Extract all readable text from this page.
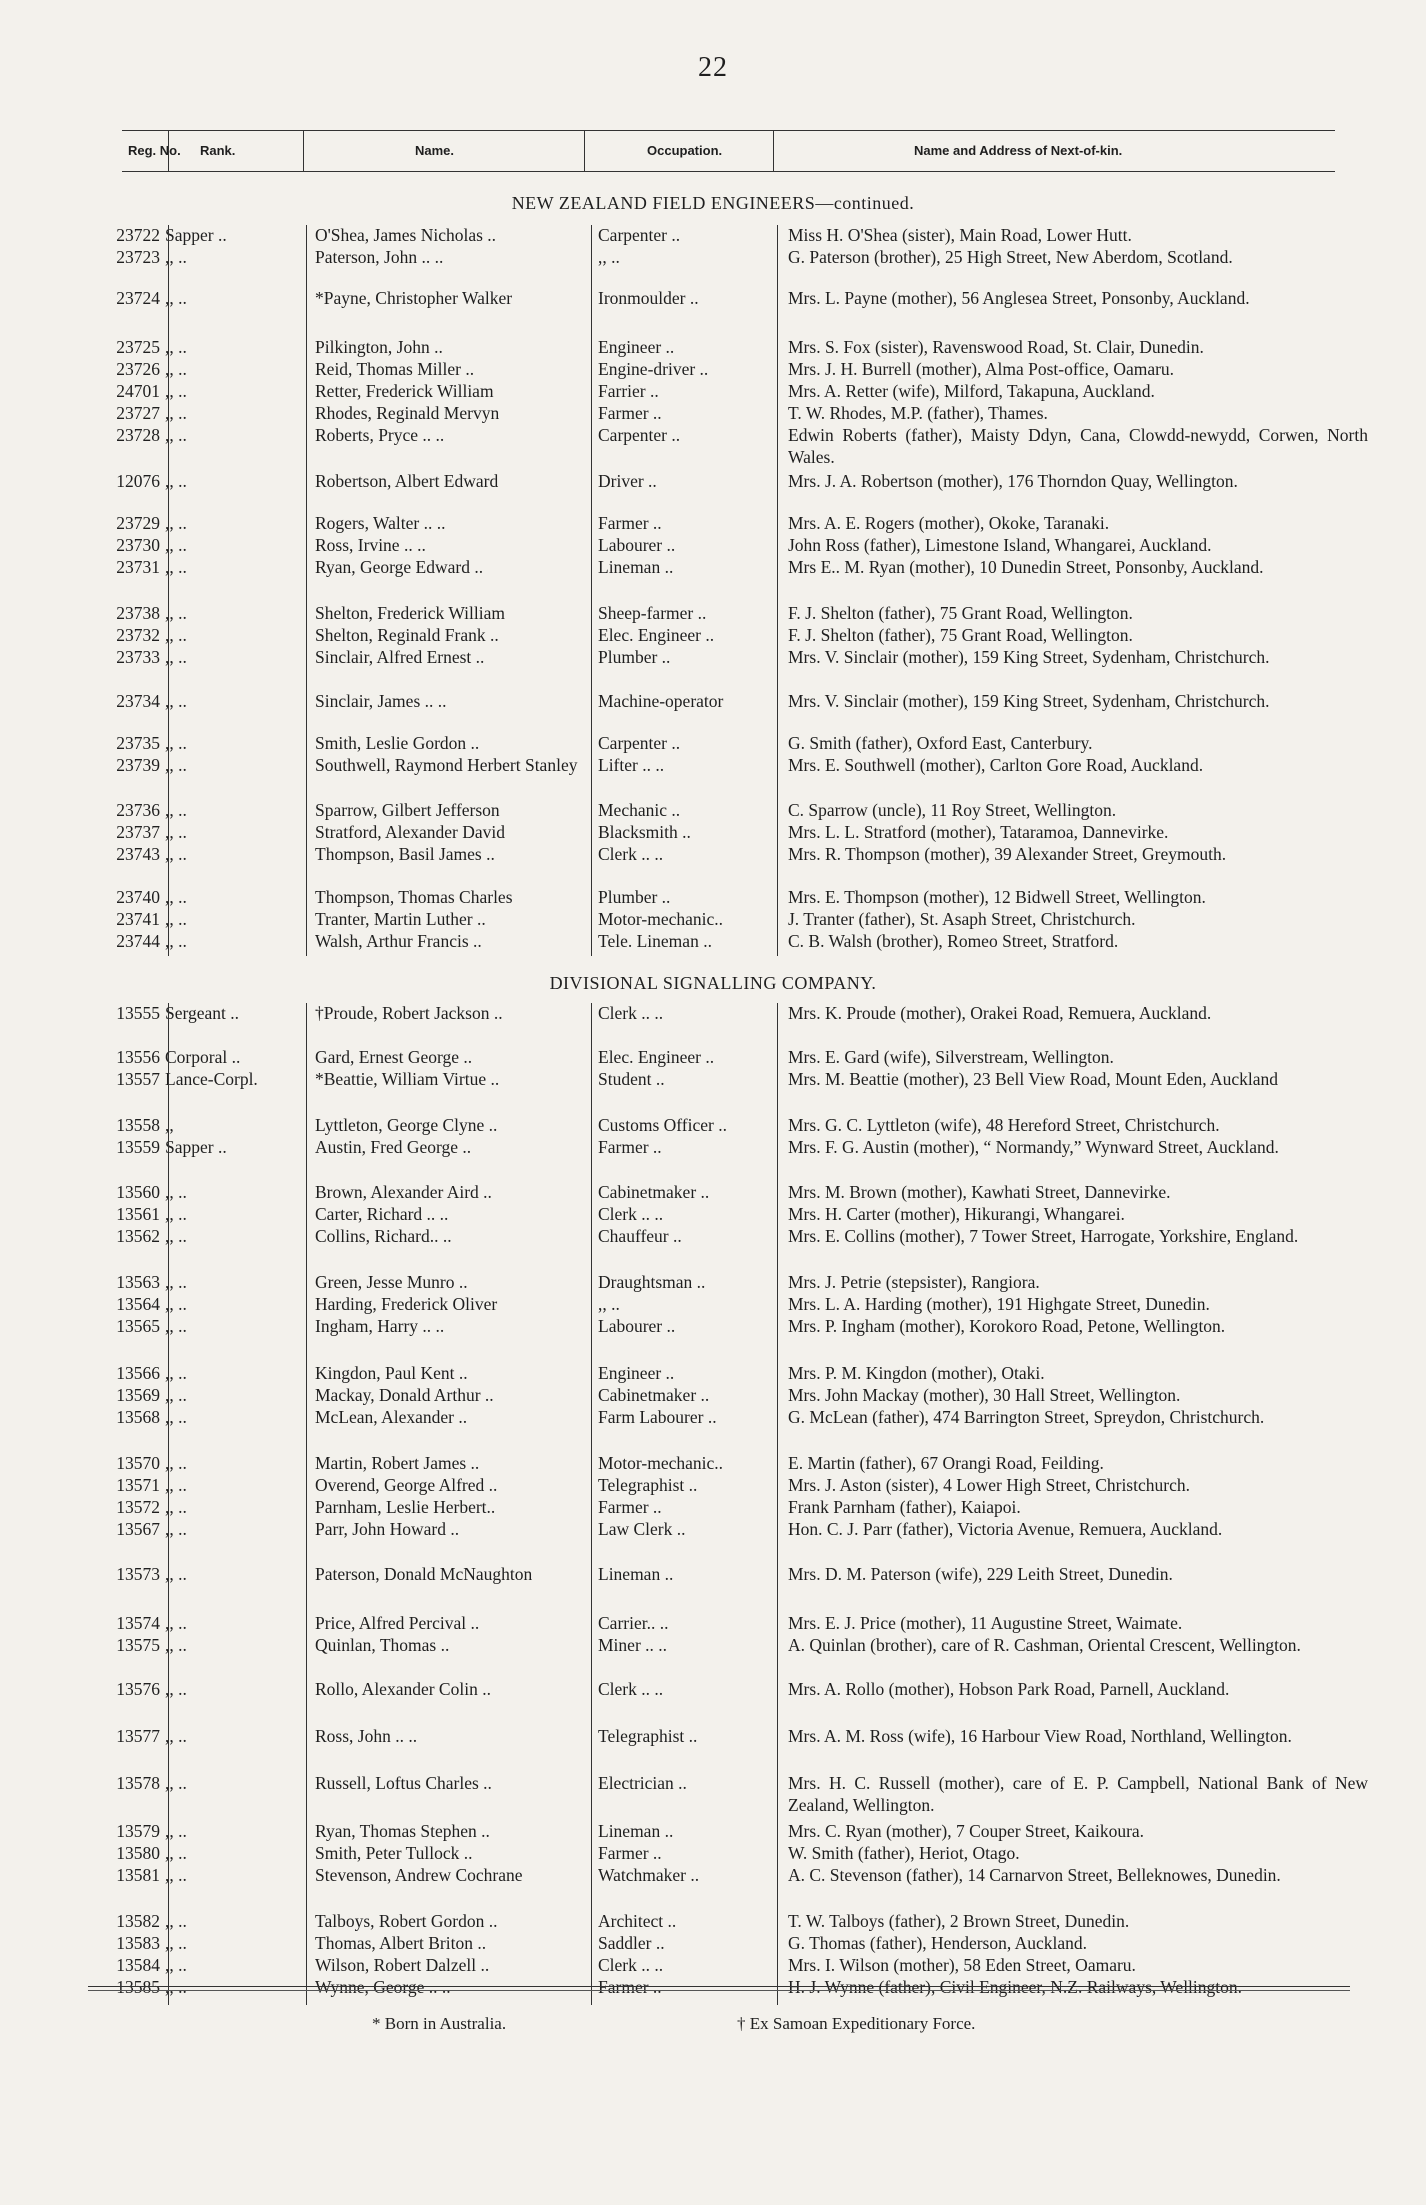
22
Reg. No. Rank.	Name.	Occupation.	Name and Address of Next-of-kin.
NEW ZEALAND FIELD ENGINEERS—continued.
23722 Sapper ..	O'Shea, James Nicholas ..	Carpenter ..	Miss H. O'Shea (sister), Main Road, Lower Hutt.
23723 ,, ..	Paterson, John .. ..	,, ..	G. Paterson (brother), 25 High Street, New Aberdom, Scotland.
23724 ,, ..	*Payne, Christopher Walker	Ironmoulder ..	Mrs. L. Payne (mother), 56 Anglesea Street, Ponsonby, Auckland.
23725 ,, ..	Pilkington, John ..	Engineer ..	Mrs. S. Fox (sister), Ravenswood Road, St. Clair, Dunedin.
23726 ,, ..	Reid, Thomas Miller ..	Engine-driver ..	Mrs. J. H. Burrell (mother), Alma Post-office, Oamaru.
24701 ,, ..	Retter, Frederick William	Farrier ..	Mrs. A. Retter (wife), Milford, Takapuna, Auckland.
23727 ,, ..	Rhodes, Reginald Mervyn	Farmer ..	T. W. Rhodes, M.P. (father), Thames.
23728 ,, ..	Roberts, Pryce .. ..	Carpenter ..	Edwin Roberts (father), Maisty Ddyn, Cana, Clowdd-newydd, Corwen, North Wales.
12076 ,, ..	Robertson, Albert Edward	Driver ..	Mrs. J. A. Robertson (mother), 176 Thorndon Quay, Wellington.
23729 ,, ..	Rogers, Walter .. ..	Farmer ..	Mrs. A. E. Rogers (mother), Okoke, Taranaki.
23730 ,, ..	Ross, Irvine .. ..	Labourer ..	John Ross (father), Limestone Island, Whangarei, Auckland.
23731 ,, ..	Ryan, George Edward ..	Lineman ..	Mrs E.. M. Ryan (mother), 10 Dunedin Street, Ponsonby, Auckland.
23738 ,, ..	Shelton, Frederick William	Sheep-farmer ..	F. J. Shelton (father), 75 Grant Road, Wellington.
23732 ,, ..	Shelton, Reginald Frank ..	Elec. Engineer ..	F. J. Shelton (father), 75 Grant Road, Wellington.
23733 ,, ..	Sinclair, Alfred Ernest ..	Plumber ..	Mrs. V. Sinclair (mother), 159 King Street, Sydenham, Christchurch.
23734 ,, ..	Sinclair, James .. ..	Machine-operator	Mrs. V. Sinclair (mother), 159 King Street, Sydenham, Christchurch.
23735 ,, ..	Smith, Leslie Gordon ..	Carpenter ..	G. Smith (father), Oxford East, Canterbury.
23739 ,, ..	Southwell, Raymond Herbert Stanley	Lifter .. ..	Mrs. E. Southwell (mother), Carlton Gore Road, Auckland.
23736 ,, ..	Sparrow, Gilbert Jefferson	Mechanic ..	C. Sparrow (uncle), 11 Roy Street, Wellington.
23737 ,, ..	Stratford, Alexander David	Blacksmith ..	Mrs. L. L. Stratford (mother), Tataramoa, Dannevirke.
23743 ,, ..	Thompson, Basil James ..	Clerk .. ..	Mrs. R. Thompson (mother), 39 Alexander Street, Greymouth.
23740 ,, ..	Thompson, Thomas Charles	Plumber ..	Mrs. E. Thompson (mother), 12 Bidwell Street, Wellington.
23741 ,, ..	Tranter, Martin Luther ..	Motor-mechanic..	J. Tranter (father), St. Asaph Street, Christchurch.
23744 ,, ..	Walsh, Arthur Francis ..	Tele. Lineman ..	C. B. Walsh (brother), Romeo Street, Stratford.
DIVISIONAL SIGNALLING COMPANY.
13555 Sergeant ..	†Proude, Robert Jackson ..	Clerk .. ..	Mrs. K. Proude (mother), Orakei Road, Remuera, Auckland.
13556 Corporal ..	Gard, Ernest George ..	Elec. Engineer ..	Mrs. E. Gard (wife), Silverstream, Wellington.
13557 Lance-Corpl.	*Beattie, William Virtue ..	Student ..	Mrs. M. Beattie (mother), 23 Bell View Road, Mount Eden, Auckland
13558 ,,	Lyttleton, George Clyne ..	Customs Officer ..	Mrs. G. C. Lyttleton (wife), 48 Hereford Street, Christchurch.
13559 Sapper ..	Austin, Fred George ..	Farmer ..	Mrs. F. G. Austin (mother), “ Normandy,” Wynward Street, Auckland.
13560 ,, ..	Brown, Alexander Aird ..	Cabinetmaker ..	Mrs. M. Brown (mother), Kawhati Street, Dannevirke.
13561 ,, ..	Carter, Richard .. ..	Clerk .. ..	Mrs. H. Carter (mother), Hikurangi, Whangarei.
13562 ,, ..	Collins, Richard.. ..	Chauffeur ..	Mrs. E. Collins (mother), 7 Tower Street, Harrogate, Yorkshire, England.
13563 ,, ..	Green, Jesse Munro ..	Draughtsman ..	Mrs. J. Petrie (stepsister), Rangiora.
13564 ,, ..	Harding, Frederick Oliver	,, ..	Mrs. L. A. Harding (mother), 191 Highgate Street, Dunedin.
13565 ,, ..	Ingham, Harry .. ..	Labourer ..	Mrs. P. Ingham (mother), Korokoro Road, Petone, Wellington.
13566 ,, ..	Kingdon, Paul Kent ..	Engineer ..	Mrs. P. M. Kingdon (mother), Otaki.
13569 ,, ..	Mackay, Donald Arthur ..	Cabinetmaker ..	Mrs. John Mackay (mother), 30 Hall Street, Wellington.
13568 ,, ..	McLean, Alexander ..	Farm Labourer ..	G. McLean (father), 474 Barrington Street, Spreydon, Christchurch.
13570 ,, ..	Martin, Robert James ..	Motor-mechanic..	E. Martin (father), 67 Orangi Road, Feilding.
13571 ,, ..	Overend, George Alfred ..	Telegraphist ..	Mrs. J. Aston (sister), 4 Lower High Street, Christchurch.
13572 ,, ..	Parnham, Leslie Herbert..	Farmer ..	Frank Parnham (father), Kaiapoi.
13567 ,, ..	Parr, John Howard ..	Law Clerk ..	Hon. C. J. Parr (father), Victoria Avenue, Remuera, Auckland.
13573 ,, ..	Paterson, Donald McNaughton	Lineman ..	Mrs. D. M. Paterson (wife), 229 Leith Street, Dunedin.
13574 ,, ..	Price, Alfred Percival ..	Carrier.. ..	Mrs. E. J. Price (mother), 11 Augustine Street, Waimate.
13575 ,, ..	Quinlan, Thomas ..	Miner .. ..	A. Quinlan (brother), care of R. Cashman, Oriental Crescent, Wellington.
13576 ,, ..	Rollo, Alexander Colin ..	Clerk .. ..	Mrs. A. Rollo (mother), Hobson Park Road, Parnell, Auckland.
13577 ,, ..	Ross, John .. ..	Telegraphist ..	Mrs. A. M. Ross (wife), 16 Harbour View Road, Northland, Wellington.
13578 ,, ..	Russell, Loftus Charles ..	Electrician ..	Mrs. H. C. Russell (mother), care of E. P. Campbell, National Bank of New Zealand, Wellington.
13579 ,, ..	Ryan, Thomas Stephen ..	Lineman ..	Mrs. C. Ryan (mother), 7 Couper Street, Kaikoura.
13580 ,, ..	Smith, Peter Tullock ..	Farmer ..	W. Smith (father), Heriot, Otago.
13581 ,, ..	Stevenson, Andrew Cochrane	Watchmaker ..	A. C. Stevenson (father), 14 Carnarvon Street, Belleknowes, Dunedin.
13582 ,, ..	Talboys, Robert Gordon ..	Architect ..	T. W. Talboys (father), 2 Brown Street, Dunedin.
13583 ,, ..	Thomas, Albert Briton ..	Saddler ..	G. Thomas (father), Henderson, Auckland.
13584 ,, ..	Wilson, Robert Dalzell ..	Clerk .. ..	Mrs. I. Wilson (mother), 58 Eden Street, Oamaru.
13585 ,, ..	Wynne, George .. ..	Farmer ..	H. J. Wynne (father), Civil Engineer, N.Z. Railways, Wellington.
* Born in Australia.	† Ex Samoan Expeditionary Force.
